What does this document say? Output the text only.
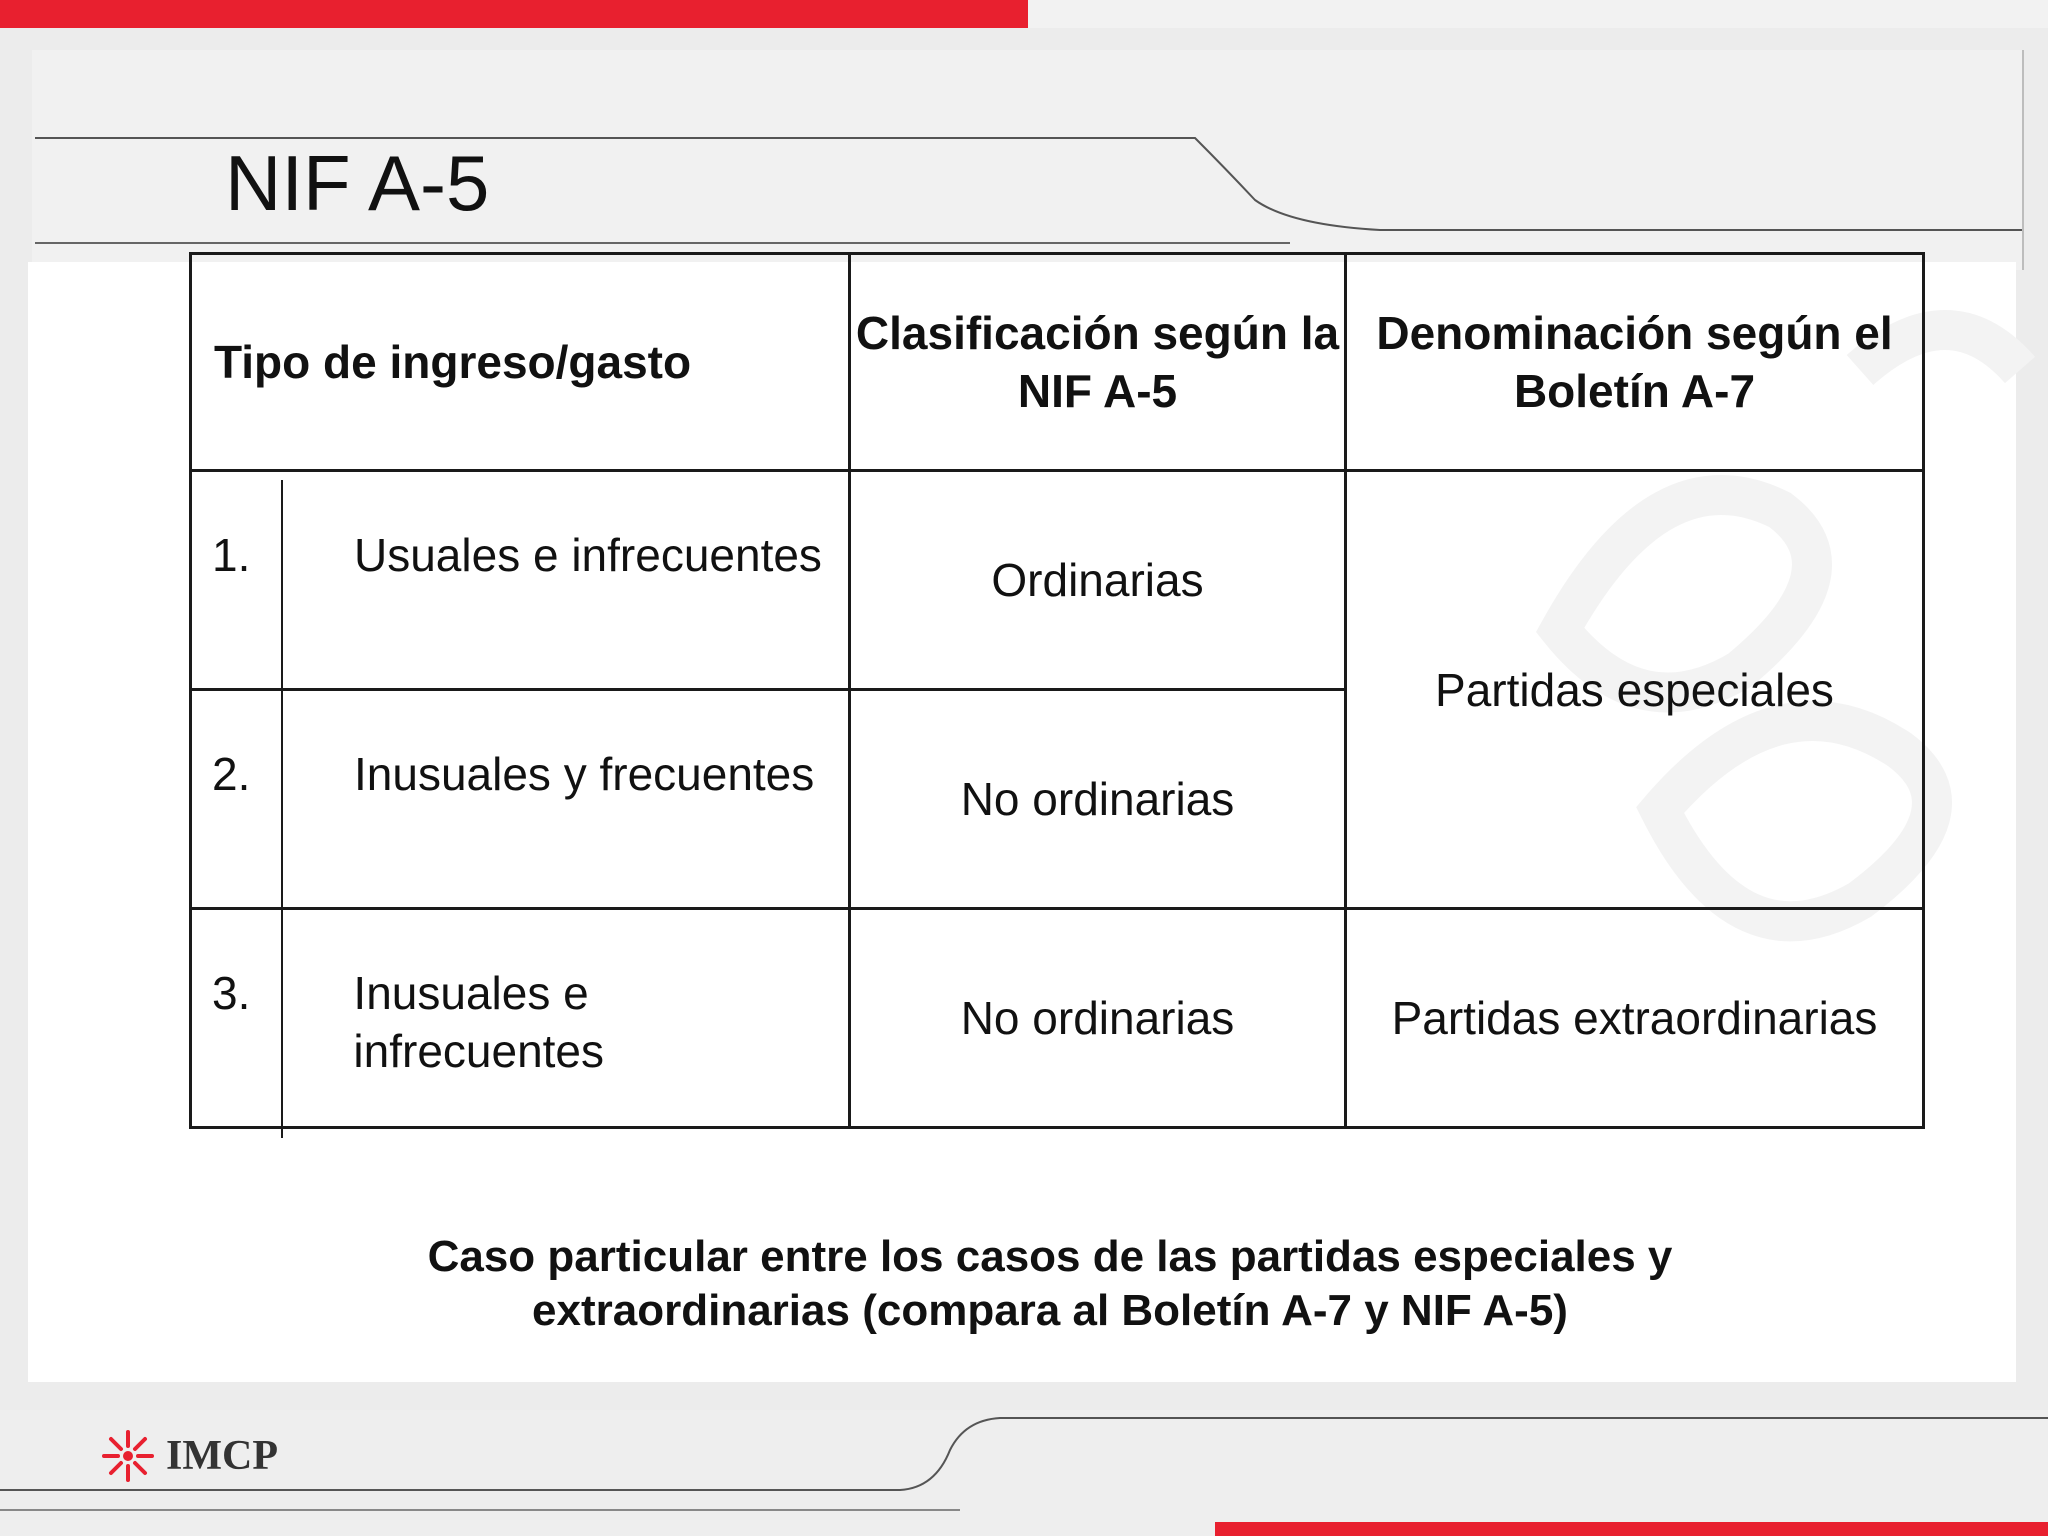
Tipo de ingreso/gasto	Clasificación según la NIF A-5	Denominación según el Boletín A-7

1. Usuales e infrecuentes	Ordinarias	Partidas especiales

2. Inusuales y frecuentes	No ordinarias	

3. Inusuales e infrecuentes	No ordinarias	Partidas extraordinarias
NIF A-5
Caso particular entre los casos de las partidas especiales y extraordinarias (compara al Boletín A-7 y NIF A-5)
IMCP
